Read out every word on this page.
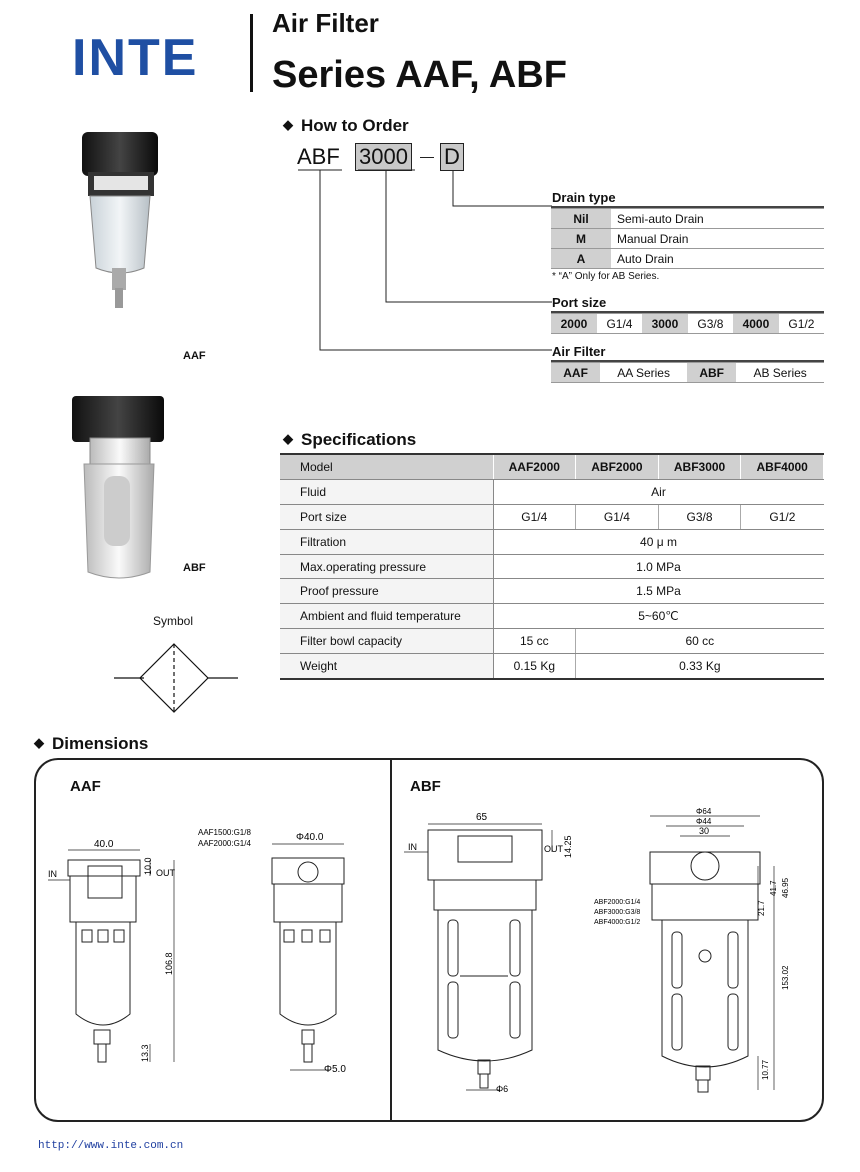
INTE
Air Filter
Series AAF, ABF
AAF
ABF
Symbol
◆ How to Order
ABF 3000 D
Drain type
Nil	Semi-auto Drain
M	Manual Drain
A	Auto Drain
* “A” Only for AB Series.
Port size
2000	G1/4	3000	G3/8	4000	G1/2
Air Filter
AAF	AA Series	ABF	AB Series
◆ Specifications
Model	AAF2000	ABF2000	ABF3000	ABF4000
Fluid	Air			
Port size	G1/4	G1/4	G3/8	G1/2
Filtration	40 μ m			
Max.operating pressure	1.0 MPa			
Proof pressure	1.5 MPa			
Ambient and fluid temperature	5~60℃			
Filter bowl capacity	15 cc	60 cc		
Weight	0.15 Kg	0.33 Kg		
◆ Dimensions
AAF	ABF
40.0
IN	OUT
10.0
106.8
13.3
AAF1500:G1/8
AAF2000:G1/4
Φ40.0
Φ5.0
65
IN	OUT 14.25
Φ6
Φ64
Φ44
30
21.7
41.7 46.95
153.02
10.77
ABF2000:G1/4
ABF3000:G3/8
ABF4000:G1/2
http://www.inte.com.cn
